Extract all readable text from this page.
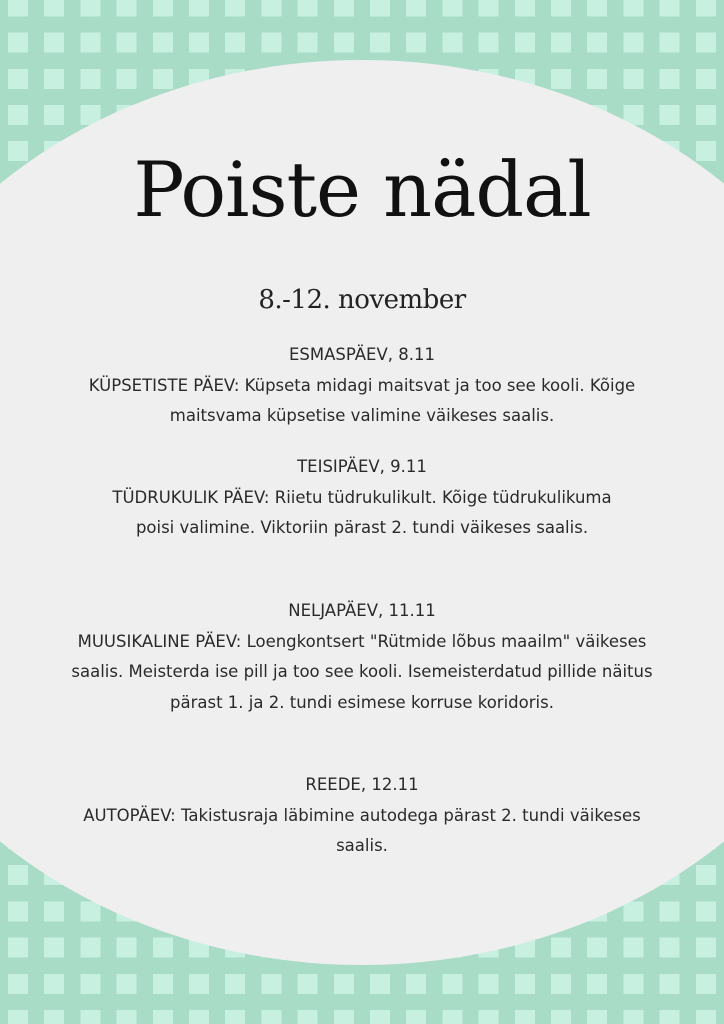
Poiste nädal
8.-12. november
ESMASPÄEV, 8.11
KÜPSETISTE PÄEV: Küpseta midagi maitsvat ja too see kooli. Kõige maitsvama küpsetise valimine väikeses saalis.
TEISIPÄEV, 9.11
TÜDRUKULIK PÄEV: Riietu tüdrukulikult. Kõige tüdrukulikuma poisi valimine. Viktoriin pärast 2. tundi väikeses saalis.
NELJAPÄEV, 11.11
MUUSIKALINE PÄEV: Loengkontsert "Rütmide lõbus maailm" väikeses saalis. Meisterda ise pill ja too see kooli. Isemeisterdatud pillide näitus pärast 1. ja 2. tundi esimese korruse koridoris.
REEDE, 12.11
AUTOPÄEV: Takistusraja läbimine autodega pärast 2. tundi väikeses saalis.
